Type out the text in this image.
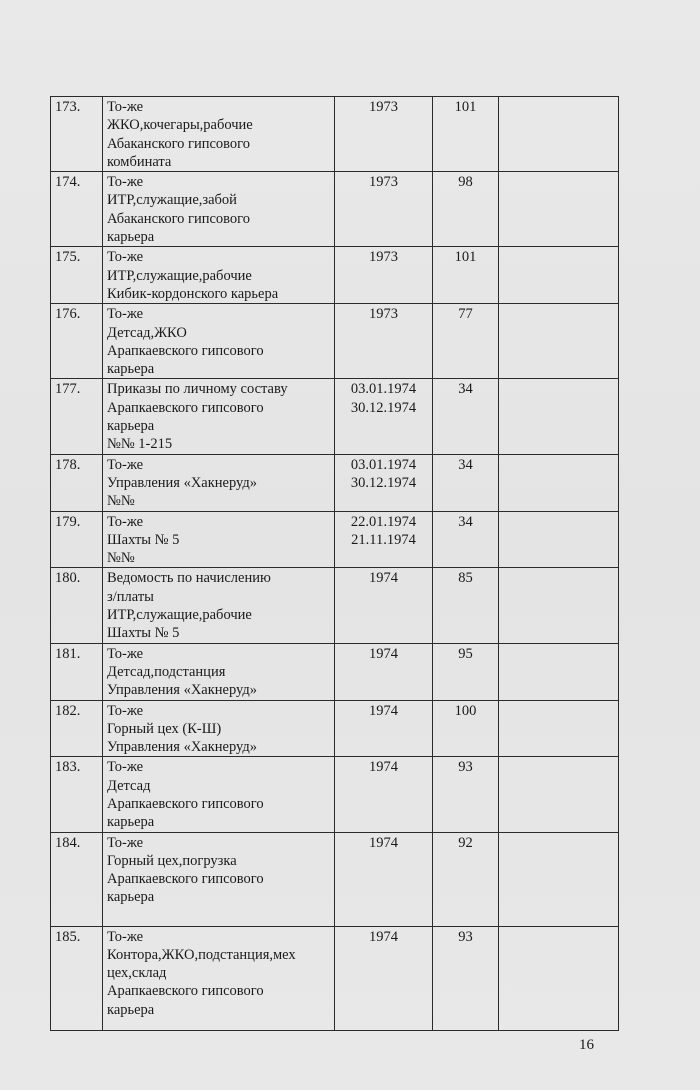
173.	То-же
ЖКО,кочегары,рабочие
Абаканского гипсового
комбината	1973	101	
174.	То-же
ИТР,служащие,забой
Абаканского гипсового
карьера	1973	98	
175.	То-же
ИТР,служащие,рабочие
Кибик-кордонского карьера	1973	101	
176.	То-же
Детсад,ЖКО
Арапкаевского гипсового
карьера	1973	77	
177.	Приказы по личному составу
Арапкаевского гипсового
карьера
№№ 1-215	03.01.1974
30.12.1974	34	
178.	То-же
Управления «Хакнеруд»
№№	03.01.1974
30.12.1974	34	
179.	То-же
Шахты № 5
№№	22.01.1974
21.11.1974	34	
180.	Ведомость по начислению
з/платы
ИТР,служащие,рабочие
Шахты № 5	1974	85	
181.	То-же
Детсад,подстанция
Управления «Хакнеруд»	1974	95	
182.	То-же
Горный цех (К-Ш)
Управления «Хакнеруд»	1974	100	
183.	То-же
Детсад
Арапкаевского гипсового
карьера	1974	93	
184.	То-же
Горный цех,погрузка
Арапкаевского гипсового
карьера	1974	92	
185.	То-же
Контора,ЖКО,подстанция,мех
цех,склад
Арапкаевского гипсового
карьера	1974	93	
16
